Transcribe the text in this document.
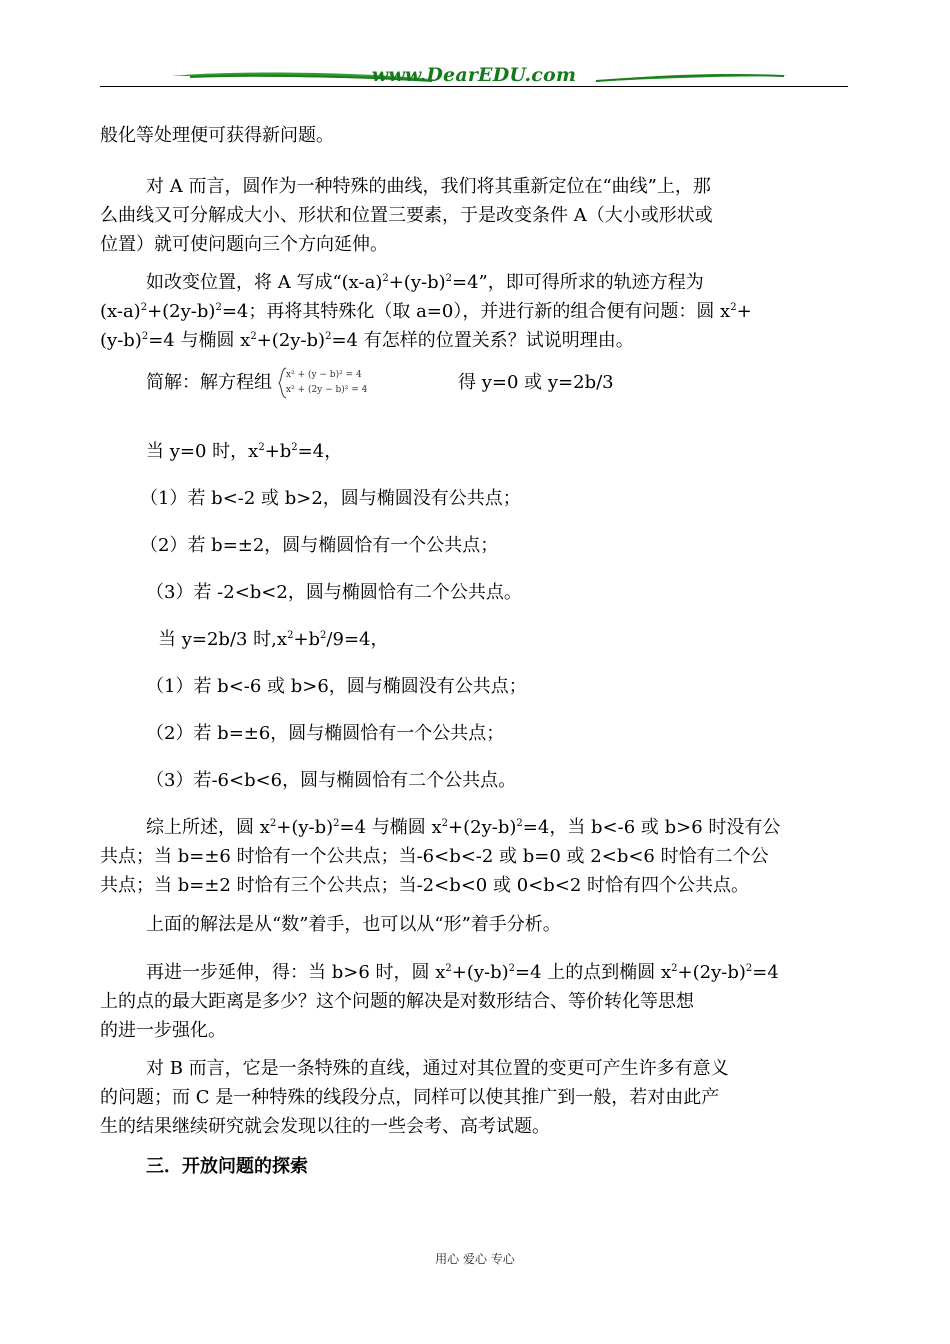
www.DearEDU.com
般化等处理便可获得新问题。
对 A 而言，圆作为一种特殊的曲线，我们将其重新定位在“曲线”上，那
么曲线又可分解成大小、形状和位置三要素，于是改变条件 A（大小或形状或
位置）就可使问题向三个方向延伸。
如改变位置，将 A 写成“$(x-a)^2+(y-b)^2=4$”，即可得所求的轨迹方程为
$(x-a)^2+(2y-b)^2=4$；再将其特殊化（取 a=0），并进行新的组合便有问题：圆 $x^2+$
$(y-b)^2=4$ 与椭圆 $x^2+(2y-b)^2=4$ 有怎样的位置关系？试说明理由。
简解：解方程组 x² + (y − b)² = 4
x² + (2y − b)² = 4	得 y=0 或 y=2b/3
当 y=0 时，$x^2+b^2=4$，
（1）若 b<-2 或 b>2，圆与椭圆没有公共点；
（2）若 b=±2，圆与椭圆恰有一个公共点；
（3）若 -2<b<2，圆与椭圆恰有二个公共点。
当 y=2b/3 时$,x^2+b^2/9=4$，
（1）若 b<-6 或 b>6，圆与椭圆没有公共点；
（2）若 b=±6，圆与椭圆恰有一个公共点；
（3）若-6<b<6，圆与椭圆恰有二个公共点。
综上所述，圆 $x^2+(y-b)^2=4$ 与椭圆 $x^2+(2y-b)^2=4$，当 b<-6 或 b>6 时没有公
共点；当 b=±6 时恰有一个公共点；当-6<b<-2 或 b=0 或 2<b<6 时恰有二个公
共点；当 b=±2 时恰有三个公共点；当-2<b<0 或 0<b<2 时恰有四个公共点。
上面的解法是从“数”着手，也可以从“形”着手分析。
再进一步延伸，得：当 b>6 时，圆 $x^2+(y-b)^2=4$ 上的点到椭圆 $x^2+(2y-b)^2=4$
上的点的最大距离是多少？这个问题的解决是对数形结合、等价转化等思想
的进一步强化。
对 B 而言，它是一条特殊的直线，通过对其位置的变更可产生许多有意义
的问题；而 C 是一种特殊的线段分点，同样可以使其推广到一般，若对由此产
生的结果继续研究就会发现以往的一些会考、高考试题。
三．开放问题的探索
用心 爱心 专心
